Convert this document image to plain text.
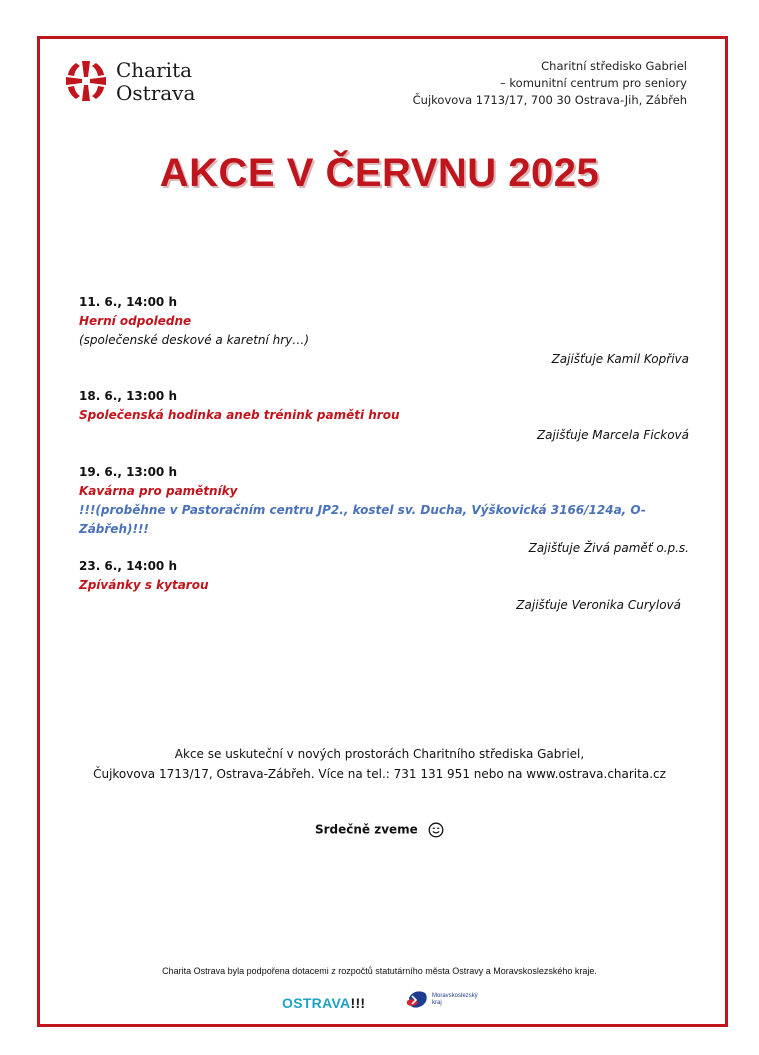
Charita
Ostrava
Charitní středisko Gabriel
– komunitní centrum pro seniory
Čujkovova 1713/17, 700 30 Ostrava-Jih, Zábřeh
AKCE V ČERVNU 2025
11. 6., 14:00 h
Herní odpoledne
(společenské deskové a karetní hry…)
Zajišťuje Kamil Kopřiva
18. 6., 13:00 h
Společenská hodinka aneb trénink paměti hrou
Zajišťuje Marcela Ficková
19. 6., 13:00 h
Kavárna pro pamětníky
!!!(proběhne v Pastoračním centru JP2., kostel sv. Ducha, Výškovická 3166/124a, O-Zábřeh)!!!
Zajišťuje Živá paměť o.p.s.
23. 6., 14:00 h
Zpívánky s kytarou
Zajišťuje Veronika Curylová
Akce se uskuteční v nových prostorách Charitního střediska Gabriel,
Čujkovova 1713/17, Ostrava-Zábřeh. Více na tel.: 731 131 951 nebo na www.ostrava.charita.cz
Srdečně zveme
Charita Ostrava byla podpořena dotacemi z rozpočtů statutárního města Ostravy a Moravskoslezského kraje.
OSTRAVA!!!	Moravskoslezský
kraj
